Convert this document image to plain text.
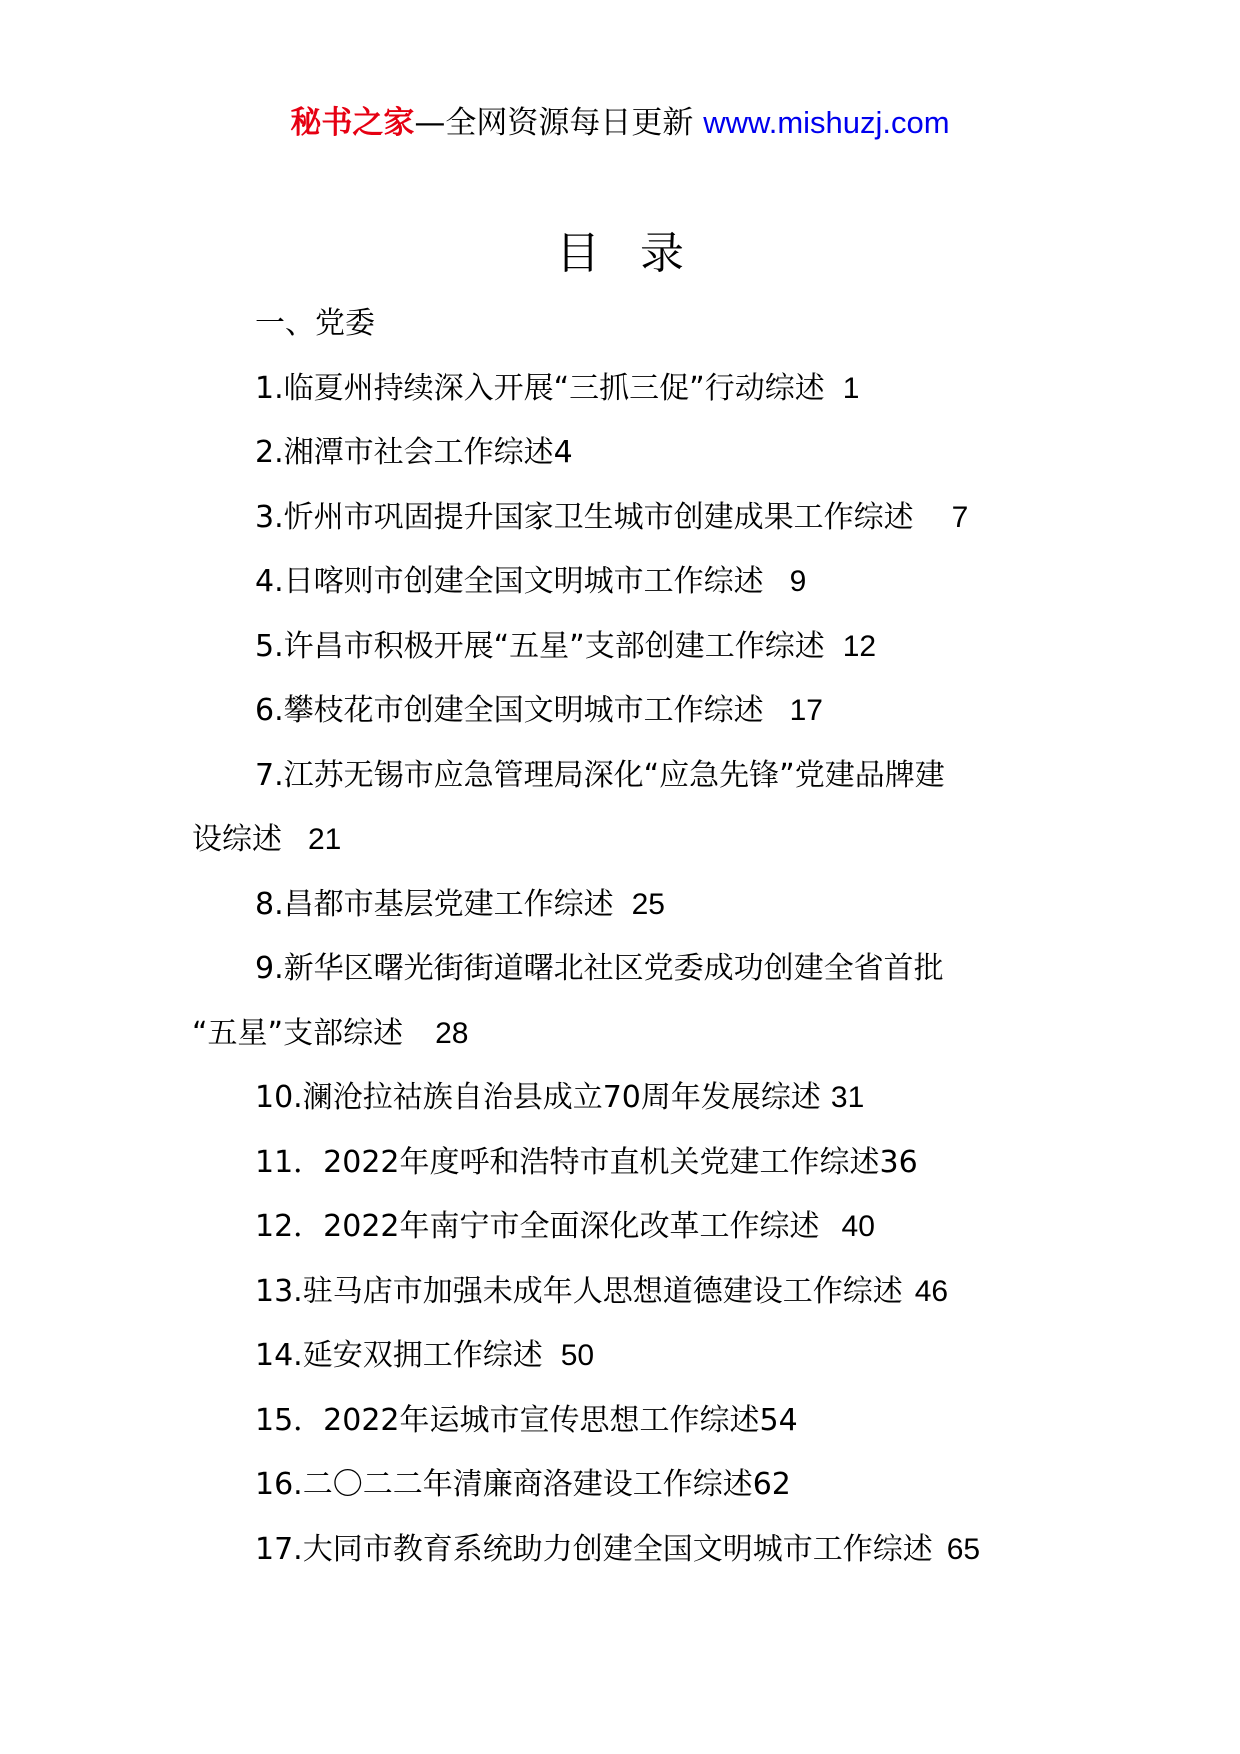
秘书之家—全网资源每日更新 www.mishuzj.com
目 录
一、党委
1.临夏州持续深入开展“三抓三促”行动综述 1
2.湘潭市社会工作综述4
3.忻州市巩固提升国家卫生城市创建成果工作综述 7
4.日喀则市创建全国文明城市工作综述 9
5.许昌市积极开展“五星”支部创建工作综述 12
6.攀枝花市创建全国文明城市工作综述 17
7.江苏无锡市应急管理局深化“应急先锋”党建品牌建
设综述 21
8.昌都市基层党建工作综述 25
9.新华区曙光街街道曙北社区党委成功创建全省首批
“五星”支部综述 28
10.澜沧拉祜族自治县成立70周年发展综述 31
11．2022年度呼和浩特市直机关党建工作综述36
12．2022年南宁市全面深化改革工作综述 40
13.驻马店市加强未成年人思想道德建设工作综述 46
14.延安双拥工作综述 50
15．2022年运城市宣传思想工作综述54
16.二〇二二年清廉商洛建设工作综述62
17.大同市教育系统助力创建全国文明城市工作综述 65
